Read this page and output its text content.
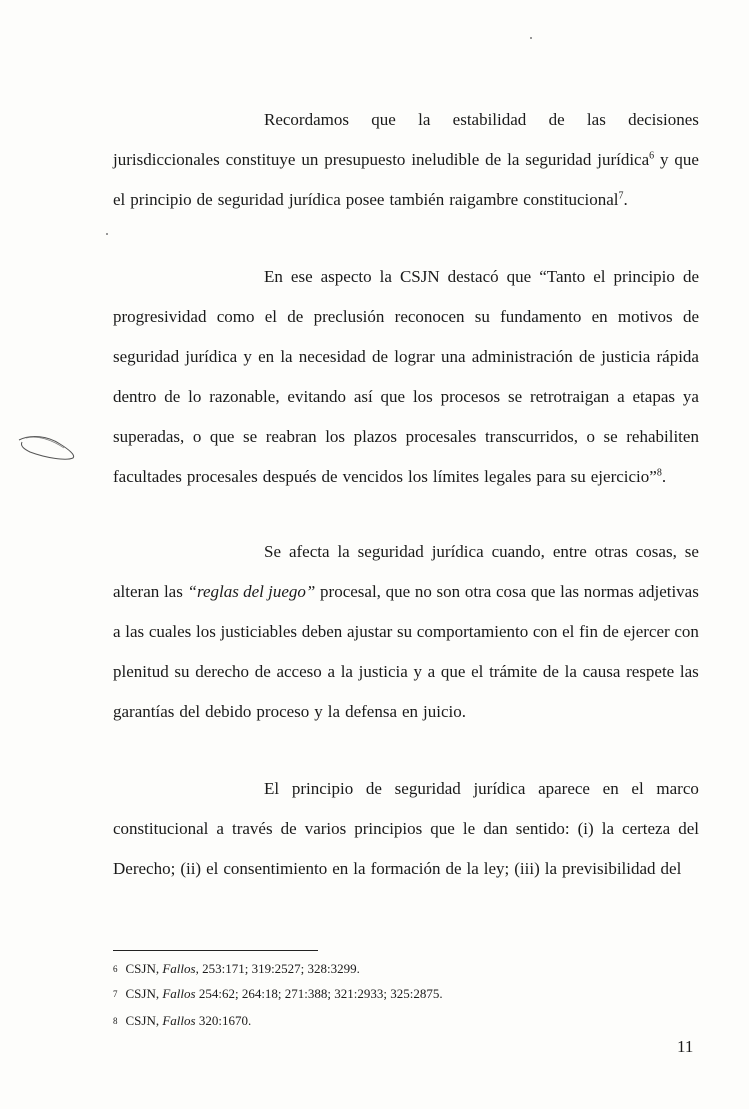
Recordamos que la estabilidad de las decisiones
jurisdiccionales constituye un presupuesto ineludible de la seguridad jurídica$^6$ y que
el principio de seguridad jurídica posee también raigambre constitucional$^7$.
En ese aspecto la CSJN destacó que “Tanto el principio de
progresividad como el de preclusión reconocen su fundamento en motivos de
seguridad jurídica y en la necesidad de lograr una administración de justicia rápida
dentro de lo razonable, evitando así que los procesos se retrotraigan a etapas ya
superadas, o que se reabran los plazos procesales transcurridos, o se rehabiliten
facultades procesales después de vencidos los límites legales para su ejercicio”$^8$.
Se afecta la seguridad jurídica cuando, entre otras cosas, se
alteran las “reglas del juego” procesal, que no son otra cosa que las normas adjetivas
a las cuales los justiciables deben ajustar su comportamiento con el fin de ejercer con
plenitud su derecho de acceso a la justicia y a que el trámite de la causa respete las
garantías del debido proceso y la defensa en juicio.
El principio de seguridad jurídica aparece en el marco
constitucional a través de varios principios que le dan sentido: (i) la certeza del
Derecho; (ii) el consentimiento en la formación de la ley; (iii) la previsibilidad del
$^6$ CSJN, Fallos, 253:171; 319:2527; 328:3299.
$^7$ CSJN, Fallos 254:62; 264:18; 271:388; 321:2933; 325:2875.
$^8$ CSJN, Fallos 320:1670.
11
